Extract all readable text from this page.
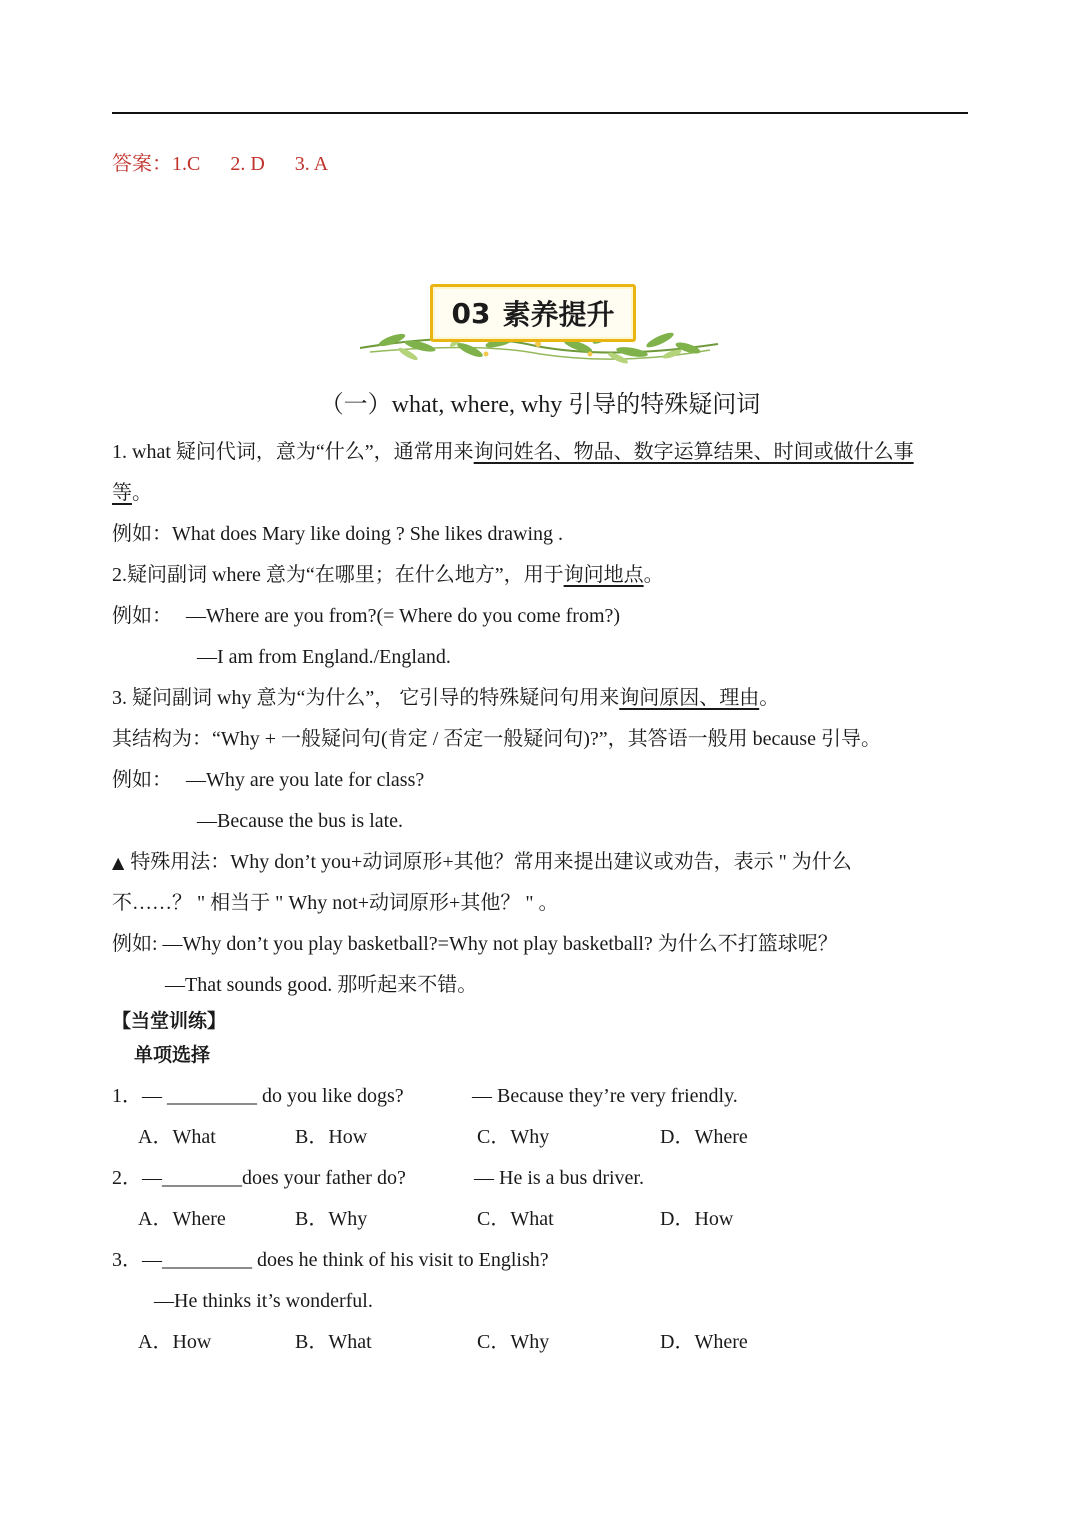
答案：1.C 2. D 3. A
03 素养提升
（一）what, where, why 引导的特殊疑问词
1. what 疑问代词，意为“什么”，通常用来询问姓名、物品、数字运算结果、时间或做什么事
等。
例如：What does Mary like doing ? She likes drawing .
2.疑问副词 where 意为“在哪里；在什么地方”，用于询问地点。
例如： —Where are you from?(= Where do you come from?)
—I am from England./England.
3. 疑问副词 why 意为“为什么”， 它引导的特殊疑问句用来询问原因、理由。
其结构为：“Why + 一般疑问句(肯定 / 否定一般疑问句)?”，其答语一般用 because 引导。
例如： —Why are you late for class?
—Because the bus is late.
▲ 特殊用法：Why don’t you+动词原形+其他？常用来提出建议或劝告，表示 " 为什么
不……？ " 相当于 " Why not+动词原形+其他？ " 。
例如: —Why don’t you play basketball?=Why not play basketball? 为什么不打篮球呢？
—That sounds good. 那听起来不错。
【当堂训练】
单项选择
1．— _________ do you like dogs?	— Because they’re very friendly.
A．What	B．How	C．Why	D．Where
2．—________does your father do?	— He is a bus driver.
A．Where	B．Why	C．What	D．How
3．—_________ does he think of his visit to English?
—He thinks it’s wonderful.
A．How	B．What	C．Why	D．Where
